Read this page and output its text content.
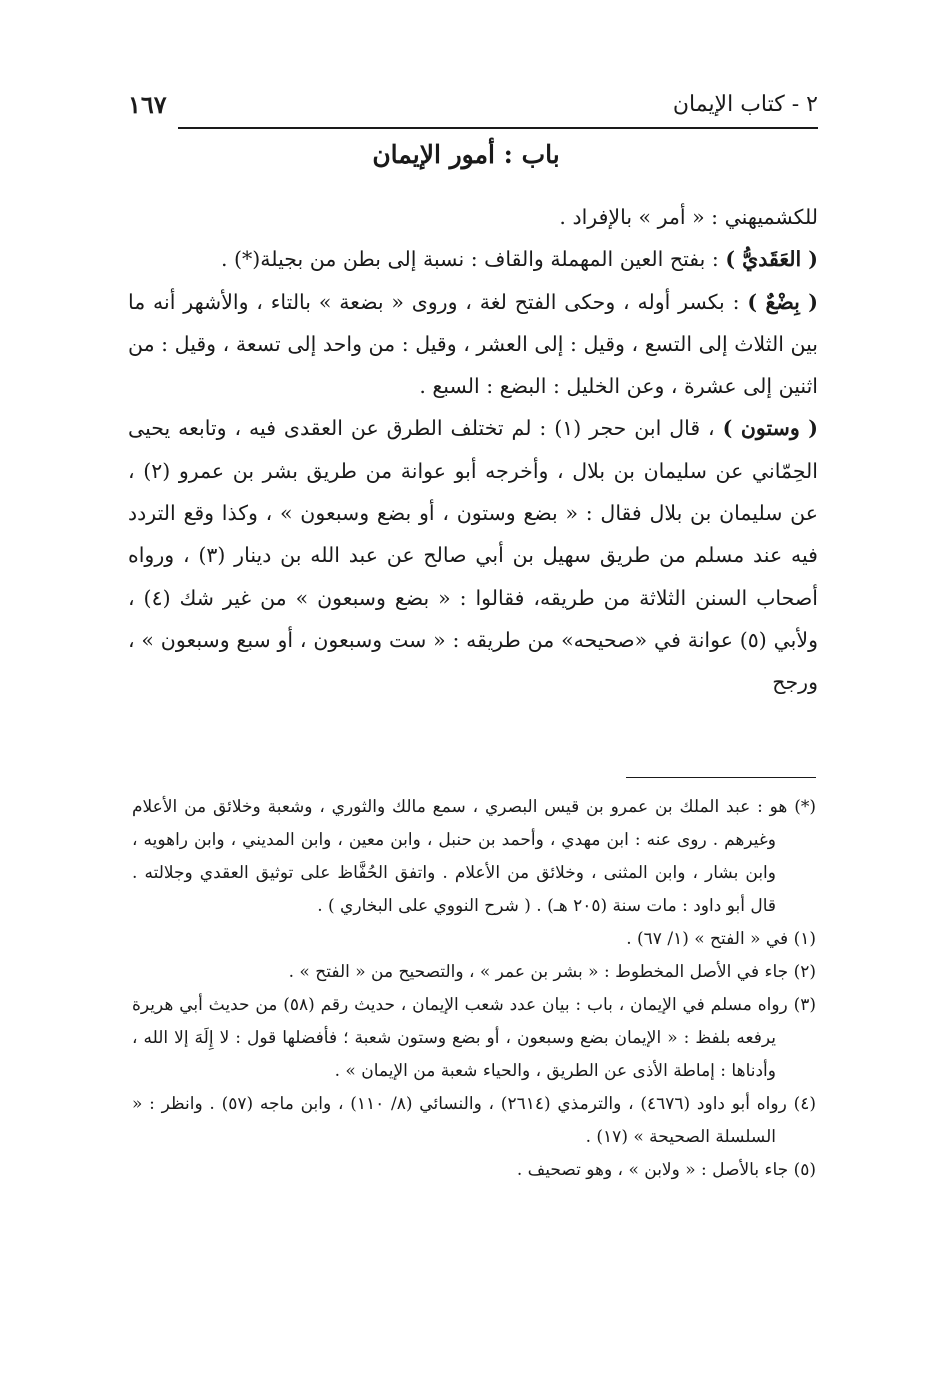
٢ - كتاب الإيمان
١٦٧
باب : أمور الإيمان

للكشميهني : « أمر » بالإفراد .

( العَقَديُّ ) : بفتح العين المهملة والقاف : نسبة إلى بطن من بجيلة(*) .

( بِضْعٌ ) : بكسر أوله ، وحكى الفتح لغة ، وروى « بضعة » بالتاء ، والأشهر أنه ما بين الثلاث إلى التسع ، وقيل : إلى العشر ، وقيل : من واحد إلى تسعة ، وقيل : من اثنين إلى عشرة ، وعن الخليل : البضع : السبع .

( وستون ) ، قال ابن حجر (١) : لم تختلف الطرق عن العقدى فيه ، وتابعه يحيى الحِمّاني عن سليمان بن بلال ، وأخرجه أبو عوانة من طريق بشر بن عمرو (٢) ، عن سليمان بن بلال فقال : « بضع وستون ، أو بضع وسبعون » ، وكذا وقع التردد فيه عند مسلم من طريق سهيل بن أبي صالح عن عبد الله بن دينار (٣) ، ورواه أصحاب السنن الثلاثة من طريقه، فقالوا : « بضع وسبعون » من غير شك (٤) ، ولأبي (٥) عوانة في «صحيحه» من طريقه : « ست وسبعون ، أو سبع وسبعون » ، ورجح

(*) هو : عبد الملك بن عمرو بن قيس البصري ، سمع مالك والثوري ، وشعبة وخلائق من الأعلام وغيرهم . روى عنه : ابن مهدي ، وأحمد بن حنبل ، وابن معين ، وابن المديني ، وابن راهويه ، وابن بشار ، وابن المثنى ، وخلائق من الأعلام . واتفق الحُفَّاظ على توثيق العقدي وجلالته . قال أبو داود : مات سنة (٢٠٥ هـ) . ( شرح النووي على البخاري ) .

(١) في « الفتح » (١/ ٦٧) .

(٢) جاء في الأصل المخطوط : « بشر بن عمر » ، والتصحيح من « الفتح » .

(٣) رواه مسلم في الإيمان ، باب : بيان عدد شعب الإيمان ، حديث رقم (٥٨) من حديث أبي هريرة يرفعه بلفظ : « الإيمان بضع وسبعون ، أو بضع وستون شعبة ؛ فأفضلها قول : لا إِلَهَ إلا الله ، وأدناها : إماطة الأذى عن الطريق ، والحياء شعبة من الإيمان » .

(٤) رواه أبو داود (٤٦٧٦) ، والترمذي (٢٦١٤) ، والنسائي (٨/ ١١٠) ، وابن ماجه (٥٧) . وانظر : « السلسلة الصحيحة » (١٧) .

(٥) جاء بالأصل : « ولابن » ، وهو تصحيف .
